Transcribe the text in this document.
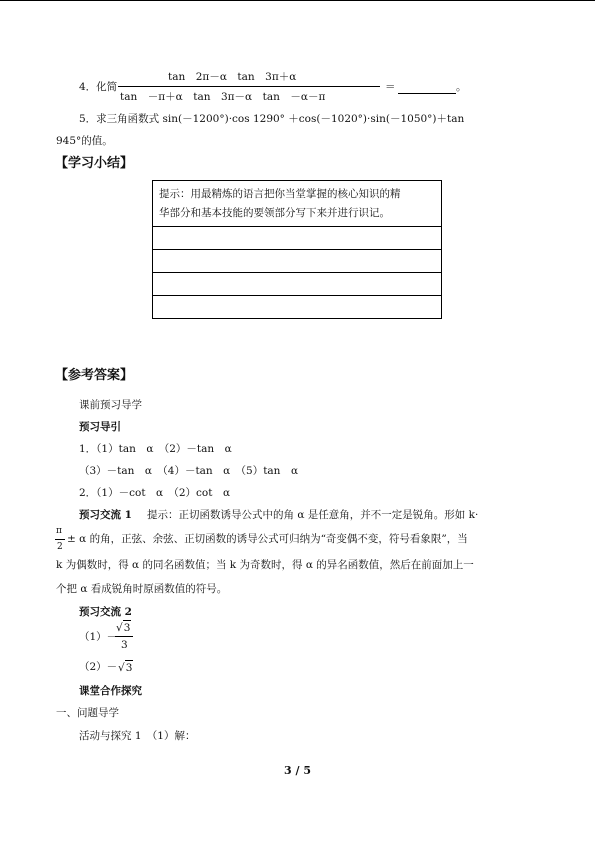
4．化简
tan　2π－α　tan　3π＋α
tan　－π＋α　tan　3π－α　tan　－α－π
＝	。
5．求三角函数式 sin(－1200°)·cos 1290° ＋cos(－1020°)·sin(－1050°)＋tan
945°的值。
【学习小结】
提示：用最精炼的语言把你当堂掌握的核心知识的精
华部分和基本技能的要领部分写下来并进行识记。
【参考答案】
课前预习导学
预习导引
1．（1）tan　α　（2）－tan　α
（3）－tan　α　（4）－tan　α　（5）tan　α
2．（1）－cot　α　（2）cot　α
预习交流 1 提示：正切函数诱导公式中的角 α 是任意角，并不一定是锐角。形如 k·
π
2
± α 的角，正弦、余弦、正切函数的诱导公式可归纳为“奇变偶不变，符号看象限”，当
k 为偶数时，得 α 的同名函数值；当 k 为奇数时，得 α 的异名函数值，然后在前面加上一
个把 α 看成锐角时原函数值的符号。
预习交流 2
（1）－
√3
3
（2）－ √3
课堂合作探究
一、问题导学
活动与探究 1　（1）解：
3 / 5
